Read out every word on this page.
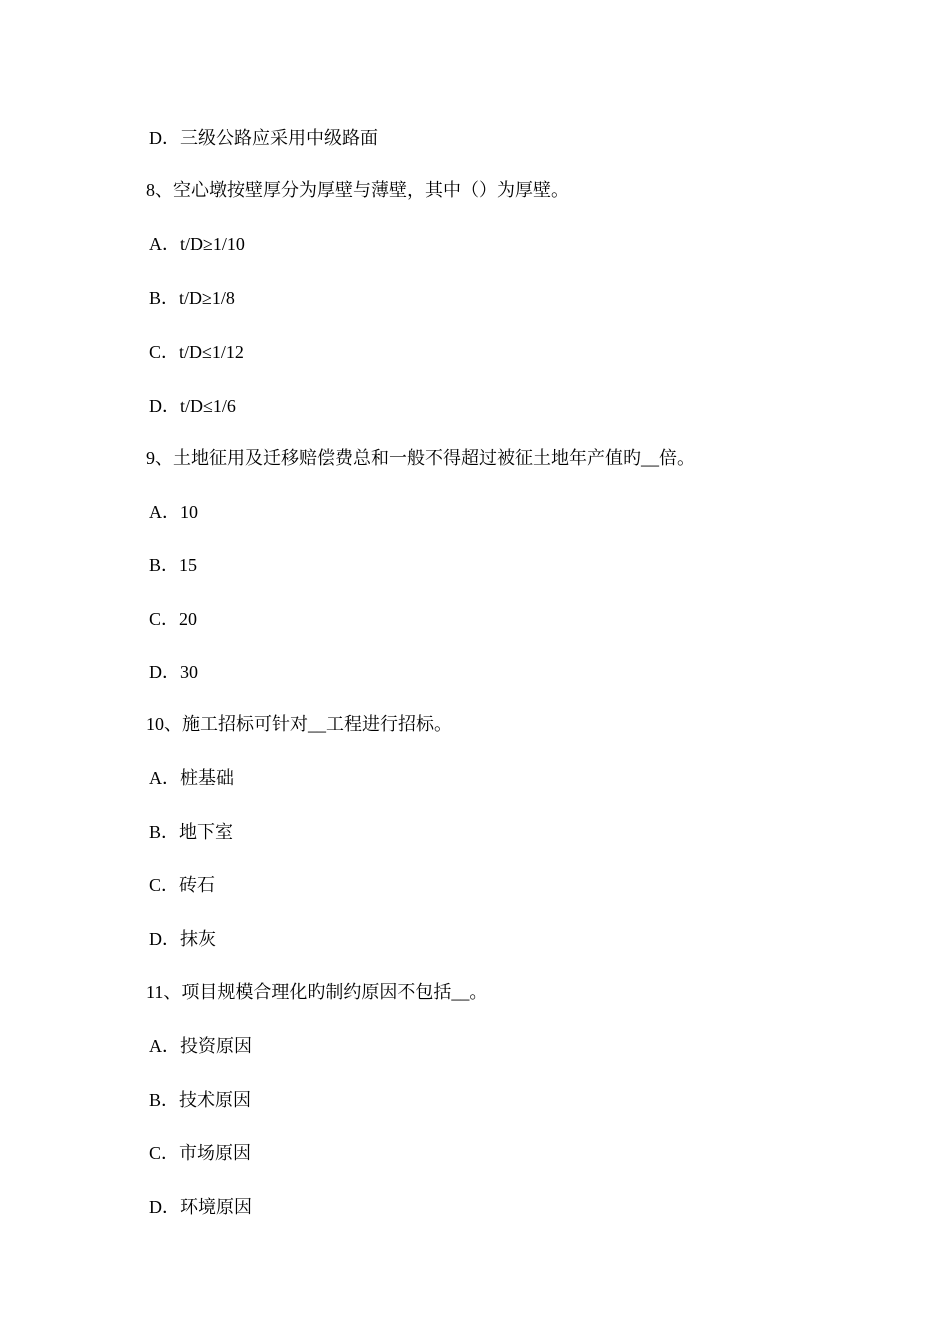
D．三级公路应采用中级路面
8、空心墩按壁厚分为厚壁与薄壁，其中（）为厚壁。
A．t/D≥1/10
B．t/D≥1/8
C．t/D≤1/12
D．t/D≤1/6
9、土地征用及迁移赔偿费总和一般不得超过被征土地年产值旳__倍。
A．10
B．15
C．20
D．30
10、施工招标可针对__工程进行招标。
A．桩基础
B．地下室
C．砖石
D．抹灰
11、项目规模合理化旳制约原因不包括__。
A．投资原因
B．技术原因
C．市场原因
D．环境原因
